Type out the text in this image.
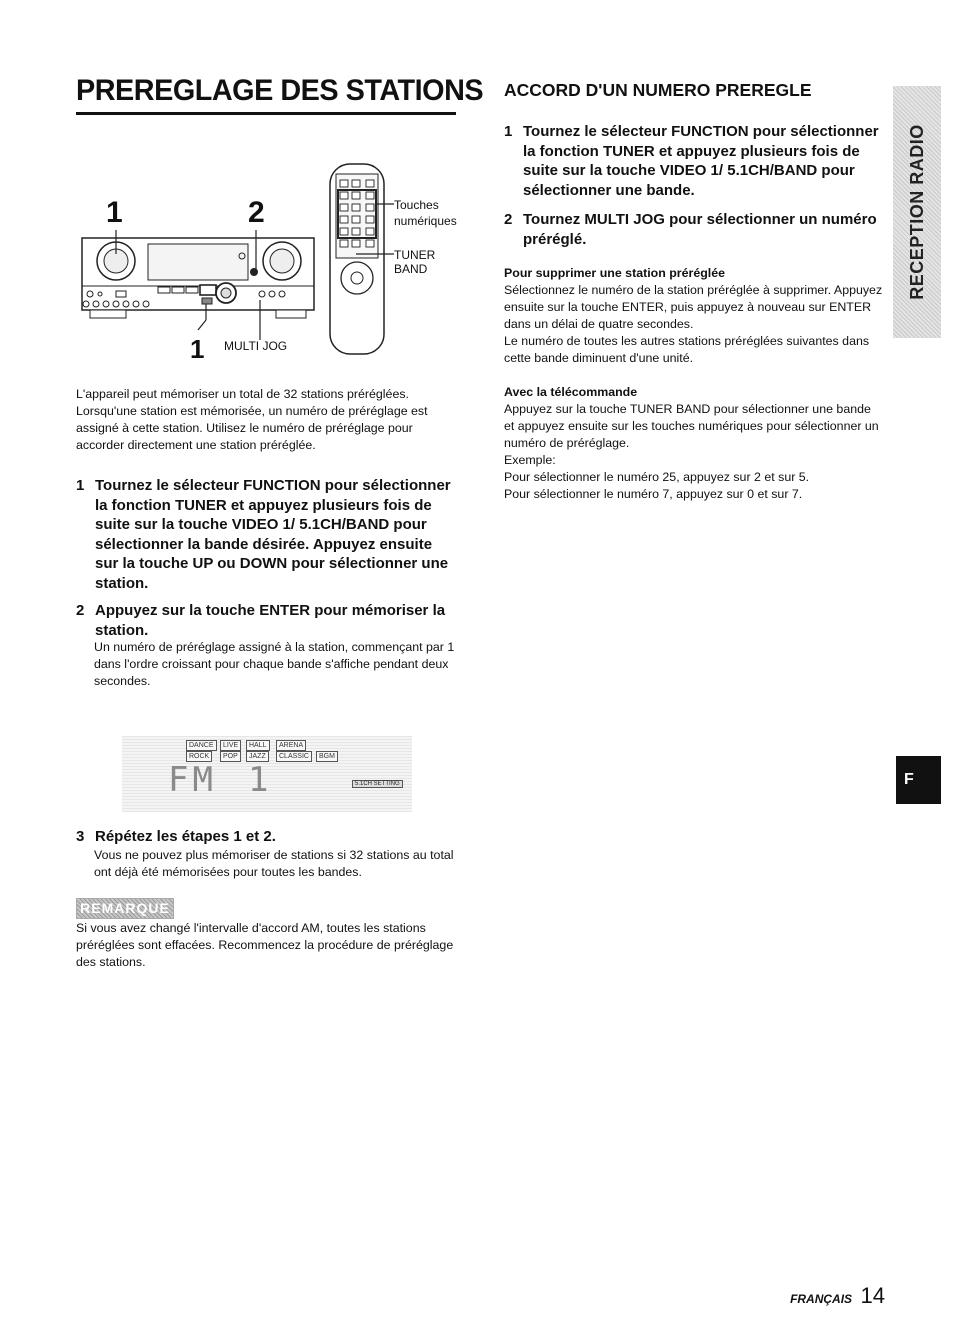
PREREGLAGE DES STATIONS
1	2
1
Touches
numériques
TUNER
BAND
MULTI JOG

L'appareil peut mémoriser un total de 32 stations préréglées. Lorsqu'une station est mémorisée, un numéro de préréglage est assigné à cette station. Utilisez le numéro de préréglage pour accorder directement une station préréglée.

1 Tournez le sélecteur FUNCTION pour sélectionner la fonction TUNER et appuyez plusieurs fois de suite sur la touche VIDEO 1/ 5.1CH/BAND pour sélectionner la bande désirée. Appuyez ensuite sur la touche UP ou DOWN pour sélectionner une station.
2 Appuyez sur la touche ENTER pour mémoriser la station.

Un numéro de préréglage assigné à la station, commençant par 1 dans l'ordre croissant pour chaque bande s'affiche pendant deux secondes.

DANCE	LIVE	HALL	ARENA
ROCK	POP	JAZZ	CLASSIC	BGM
FM 1	5.1CH SETTING
3 Répétez les étapes 1 et 2.

Vous ne pouvez plus mémoriser de stations si 32 stations au total ont déjà été mémorisées pour toutes les bandes.

REMARQUE

Si vous avez changé l'intervalle d'accord AM, toutes les stations préréglées sont effacées. Recommencez la procédure de préréglage des stations.

ACCORD D'UN NUMERO PREREGLE
1 Tournez le sélecteur FUNCTION pour sélectionner la fonction TUNER et appuyez plusieurs fois de suite sur la touche VIDEO 1/ 5.1CH/BAND pour sélectionner une bande.
2 Tournez MULTI JOG pour sélectionner un numéro préréglé.
Pour supprimer une station préréglée

Sélectionnez le numéro de la station préréglée à supprimer. Appuyez ensuite sur la touche ENTER, puis appuyez à nouveau sur ENTER dans un délai de quatre secondes.

Le numéro de toutes les autres stations préréglées suivantes dans cette bande diminuent d'une unité.

Avec la télécommande

Appuyez sur la touche TUNER BAND pour sélectionner une bande et appuyez ensuite sur les touches numériques pour sélectionner un numéro de préréglage.

Exemple:

Pour sélectionner le numéro 25, appuyez sur 2 et sur 5.

Pour sélectionner le numéro 7, appuyez sur 0 et sur 7.

RECEPTION RADIO
F
FRANÇAIS 14
